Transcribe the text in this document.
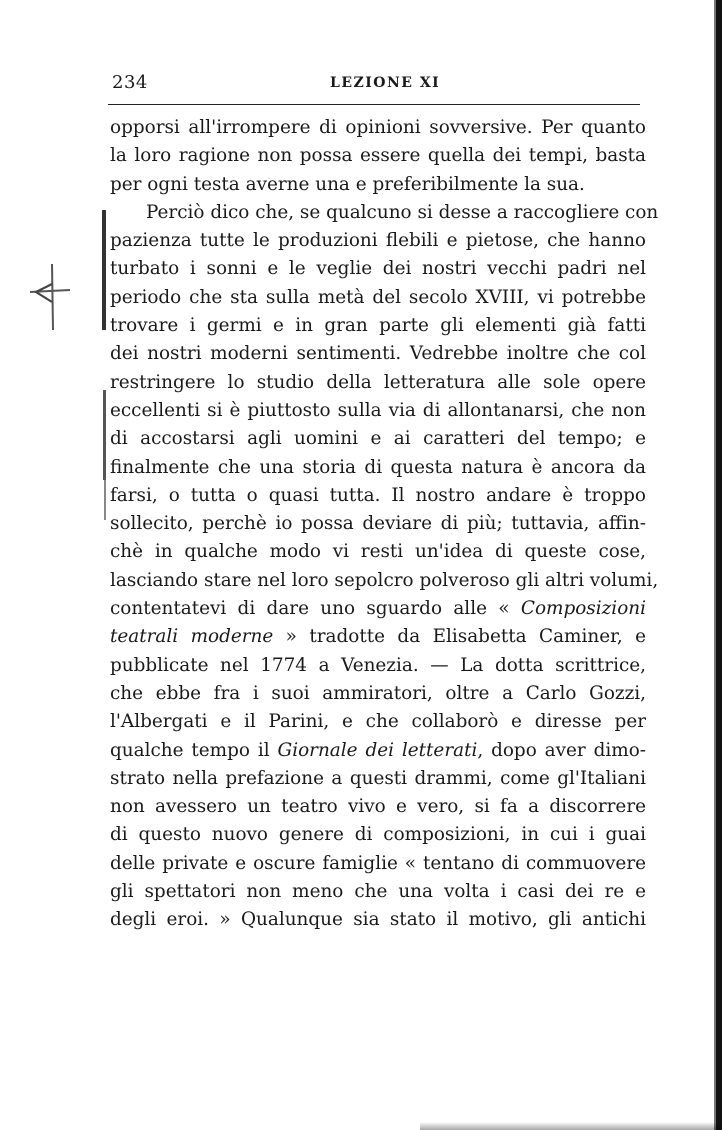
234	LEZIONE XI
opporsi all'irrompere di opinioni sovversive. Per quanto
la loro ragione non possa essere quella dei tempi, basta
per ogni testa averne una e preferibilmente la sua.
Perciò dico che, se qualcuno si desse a raccogliere con
pazienza tutte le produzioni flebili e pietose, che hanno
turbato i sonni e le veglie dei nostri vecchi padri nel
periodo che sta sulla metà del secolo XVIII, vi potrebbe
trovare i germi e in gran parte gli elementi già fatti
dei nostri moderni sentimenti. Vedrebbe inoltre che col
restringere lo studio della letteratura alle sole opere
eccellenti si è piuttosto sulla via di allontanarsi, che non
di accostarsi agli uomini e ai caratteri del tempo; e
finalmente che una storia di questa natura è ancora da
farsi, o tutta o quasi tutta. Il nostro andare è troppo
sollecito, perchè io possa deviare di più; tuttavia, affin-
chè in qualche modo vi resti un'idea di queste cose,
lasciando stare nel loro sepolcro polveroso gli altri volumi,
contentatevi di dare uno sguardo alle « Composizioni
teatrali moderne » tradotte da Elisabetta Caminer, e
pubblicate nel 1774 a Venezia. — La dotta scrittrice,
che ebbe fra i suoi ammiratori, oltre a Carlo Gozzi,
l'Albergati e il Parini, e che collaborò e diresse per
qualche tempo il Giornale dei letterati, dopo aver dimo-
strato nella prefazione a questi drammi, come gl'Italiani
non avessero un teatro vivo e vero, si fa a discorrere
di questo nuovo genere di composizioni, in cui i guai
delle private e oscure famiglie « tentano di commuovere
gli spettatori non meno che una volta i casi dei re e
degli eroi. » Qualunque sia stato il motivo, gli antichi
